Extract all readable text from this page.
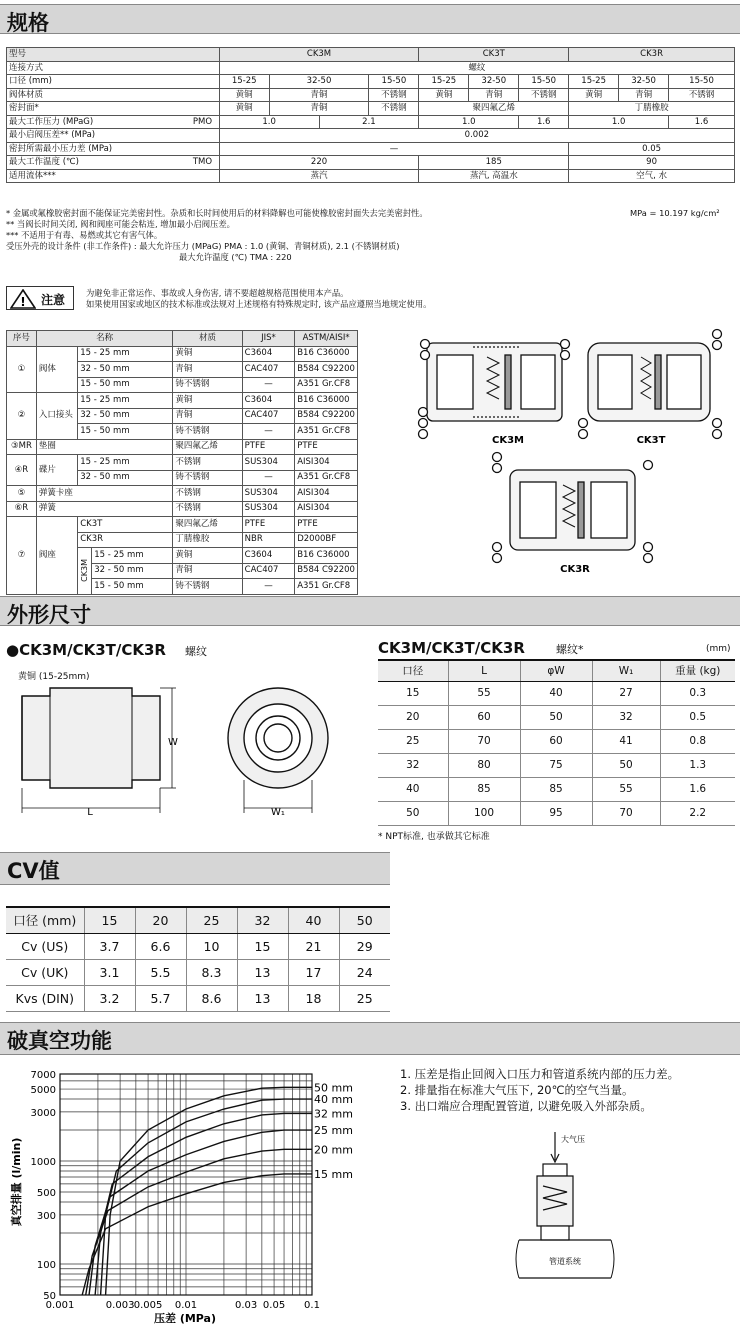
规格
型号		CK3M				CK3T			CK3R		
连接方式		螺纹									
口径 (mm)		15-25	32-50		15-50	15-25	32-50	15-50	15-25	32-50	15-50
阀体材质		黄铜	青铜		不锈钢	黄铜	青铜	不锈钢	黄铜	青铜	不锈钢
密封面*		黄铜	青铜		不锈钢	聚四氟乙烯			丁腈橡胶		
最大工作压力 (MPaG)	PMO	1.0		2.1		1.0		1.6	1.0		1.6
最小启阀压差** (MPa)		0.002									
密封所需最小压力差 (MPa)		—							0.05		
最大工作温度 (℃)	TMO	220				185			90		
适用流体***		蒸汽				蒸汽, 高温水			空气, 水		
* 金属或氟橡胶密封面不能保证完美密封性。杂质和长时间使用后的材料降解也可能使橡胶密封面失去完美密封性。	MPa = 10.197 kg/cm²
** 当阀长时间关闭, 阀和阀座可能会粘连, 增加最小启阀压差。
*** 不适用于有毒、易燃或其它有害气体。
受压外壳的设计条件 (非工作条件) : 最大允许压力 (MPaG) PMA : 1.0 (黄铜、青铜材质), 2.1 (不锈钢材质)
最大允许温度 (℃) TMA : 220
! 注意	为避免非正常运作、事故或人身伤害, 请不要超越规格范围使用本产品。
如果使用国家或地区的技术标准或法规对上述规格有特殊规定时, 该产品应遵照当地规定使用。
序号	名称			材质	JIS*	ASTM/AISI*
①	阀体	15 - 25 mm		黄铜	C3604	B16 C36000
		32 - 50 mm		青铜	CAC407	B584 C92200
		15 - 50 mm		铸不锈钢	—	A351 Gr.CF8
②	入口接头	15 - 25 mm		黄铜	C3604	B16 C36000
		32 - 50 mm		青铜	CAC407	B584 C92200
		15 - 50 mm		铸不锈钢	—	A351 Gr.CF8
③MR	垫圈			聚四氟乙烯	PTFE	PTFE
④R	碟片	15 - 25 mm		不锈钢	SUS304	AISI304
		32 - 50 mm		铸不锈钢	—	A351 Gr.CF8
⑤	弹簧卡座			不锈钢	SUS304	AISI304
⑥R	弹簧			不锈钢	SUS304	AISI304
⑦	阀座	CK3T		聚四氟乙烯	PTFE	PTFE
		CK3R		丁腈橡胶	NBR	D2000BF

		CK3M	15 - 25 mm	黄铜	C3604	B16 C36000
			32 - 50 mm	青铜	CAC407	B584 C92200
			15 - 50 mm	铸不锈钢	—	A351 Gr.CF8
CK3M	CK3T
CK3R
外形尺寸
●CK3M/CK3T/CK3R 螺纹
黄铜 (15-25mm)
L
W
W₁
CK3M/CK3T/CK3R	螺纹*	(mm)
口径	L	φW	W₁	重量 (kg)
15	55	40	27	0.3
20	60	50	32	0.5
25	70	60	41	0.8
32	80	75	50	1.3
40	85	85	55	1.6
50	100	95	70	2.2
* NPT标准, 也承做其它标准
CV值
口径 (mm)	15	20	25	32	40	50
Cv (US)	3.7	6.6	10	15	21	29
Cv (UK)	3.1	5.5	8.3	13	17	24
Kvs (DIN)	3.2	5.7	8.6	13	18	25
破真空功能
真空排量 (l/min)
压差 (MPa)
0.001	0.003 0.005 0.01	0.03 0.05 0.1
50
100
300
500
1000
3000
5000
7000
50 mm
40 mm
32 mm
25 mm
20 mm
15 mm
1. 压差是指止回阀入口压力和管道系统内部的压力差。
2. 排量指在标准大气压下, 20℃的空气当量。
3. 出口端应合理配置管道, 以避免吸入外部杂质。
大气压
管道系统
